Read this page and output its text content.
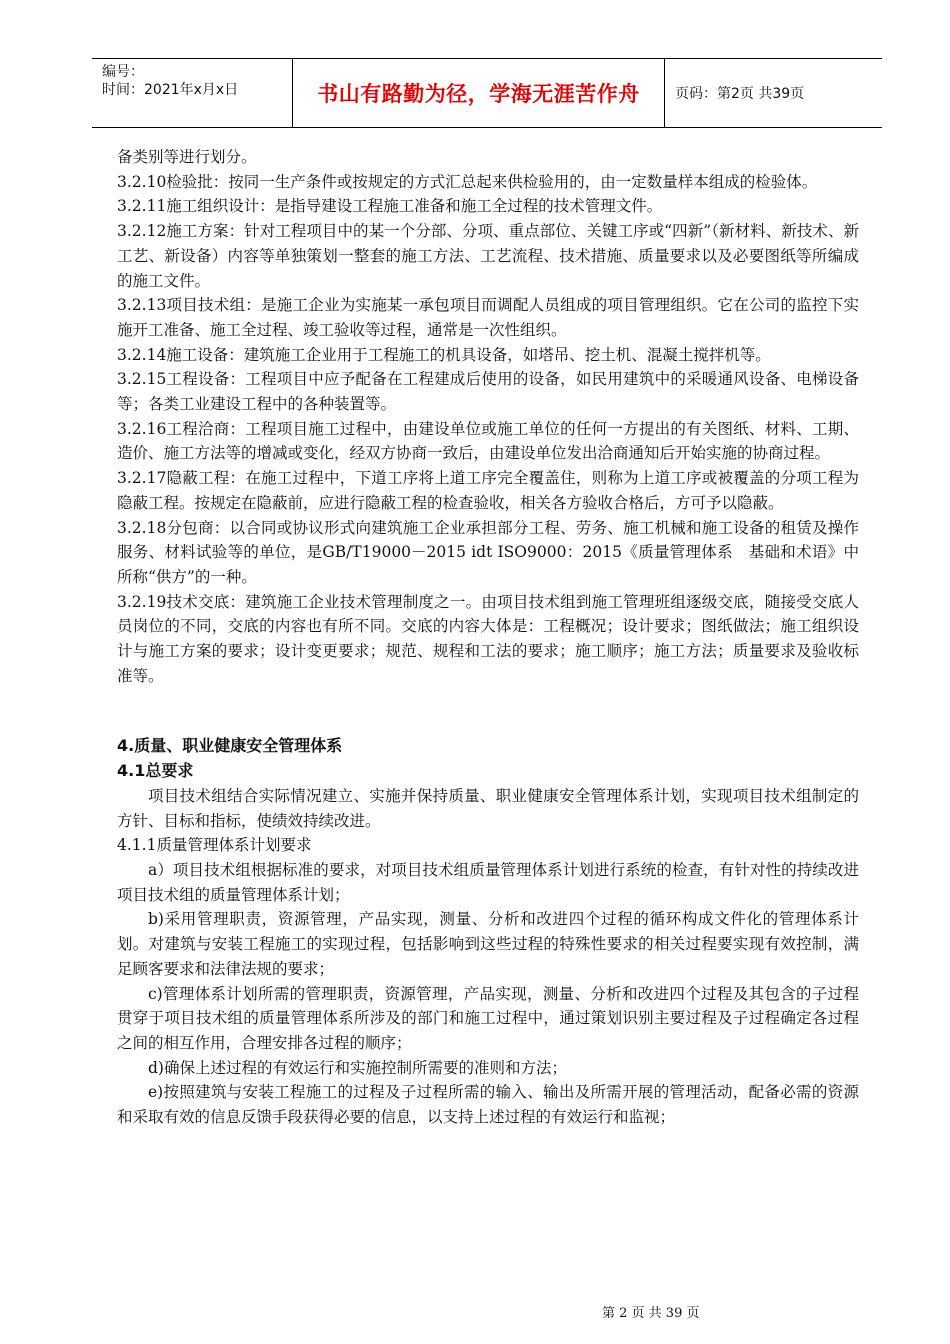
编号：
时间：2021年x月x日	书山有路勤为径，学海无涯苦作舟	页码：第2页 共39页

备类别等进行划分。

3.2.10检验批：按同一生产条件或按规定的方式汇总起来供检验用的，由一定数量样本组成的检验体。

3.2.11施工组织设计：是指导建设工程施工准备和施工全过程的技术管理文件。

3.2.12施工方案：针对工程项目中的某一个分部、分项、重点部位、关键工序或“四新”（新材料、新技术、新工艺、新设备）内容等单独策划一整套的施工方法、工艺流程、技术措施、质量要求以及必要图纸等所编成的施工文件。

3.2.13项目技术组：是施工企业为实施某一承包项目而调配人员组成的项目管理组织。它在公司的监控下实施开工准备、施工全过程、竣工验收等过程，通常是一次性组织。

3.2.14施工设备：建筑施工企业用于工程施工的机具设备，如塔吊、挖土机、混凝土搅拌机等。

3.2.15工程设备：工程项目中应予配备在工程建成后使用的设备，如民用建筑中的采暖通风设备、电梯设备等；各类工业建设工程中的各种装置等。

3.2.16工程洽商：工程项目施工过程中，由建设单位或施工单位的任何一方提出的有关图纸、材料、工期、造价、施工方法等的增减或变化，经双方协商一致后，由建设单位发出洽商通知后开始实施的协商过程。

3.2.17隐蔽工程：在施工过程中，下道工序将上道工序完全覆盖住，则称为上道工序或被覆盖的分项工程为隐蔽工程。按规定在隐蔽前，应进行隐蔽工程的检查验收，相关各方验收合格后，方可予以隐蔽。

3.2.18分包商：以合同或协议形式向建筑施工企业承担部分工程、劳务、施工机械和施工设备的租赁及操作服务、材料试验等的单位，是GB/T19000－2015 idt ISO9000：2015《质量管理体系　基础和术语》中所称“供方”的一种。

3.2.19技术交底：建筑施工企业技术管理制度之一。由项目技术组到施工管理班组逐级交底，随接受交底人员岗位的不同，交底的内容也有所不同。交底的内容大体是：工程概况；设计要求；图纸做法；施工组织设计与施工方案的要求；设计变更要求；规范、规程和工法的要求；施工顺序；施工方法；质量要求及验收标准等。

4.质量、职业健康安全管理体系
4.1总要求

项目技术组结合实际情况建立、实施并保持质量、职业健康安全管理体系计划，实现项目技术组制定的方针、目标和指标，使绩效持续改进。

4.1.1质量管理体系计划要求

a）项目技术组根据标准的要求，对项目技术组质量管理体系计划进行系统的检查，有针对性的持续改进项目技术组的质量管理体系计划；

b)采用管理职责，资源管理，产品实现，测量、分析和改进四个过程的循环构成文件化的管理体系计划。对建筑与安装工程施工的实现过程，包括影响到这些过程的特殊性要求的相关过程要实现有效控制，满足顾客要求和法律法规的要求；

c)管理体系计划所需的管理职责，资源管理，产品实现，测量、分析和改进四个过程及其包含的子过程贯穿于项目技术组的质量管理体系所涉及的部门和施工过程中，通过策划识别主要过程及子过程确定各过程之间的相互作用，合理安排各过程的顺序；

d)确保上述过程的有效运行和实施控制所需要的准则和方法；

e)按照建筑与安装工程施工的过程及子过程所需的输入、输出及所需开展的管理活动，配备必需的资源和采取有效的信息反馈手段获得必要的信息，以支持上述过程的有效运行和监视；

第 2 页 共 39 页
